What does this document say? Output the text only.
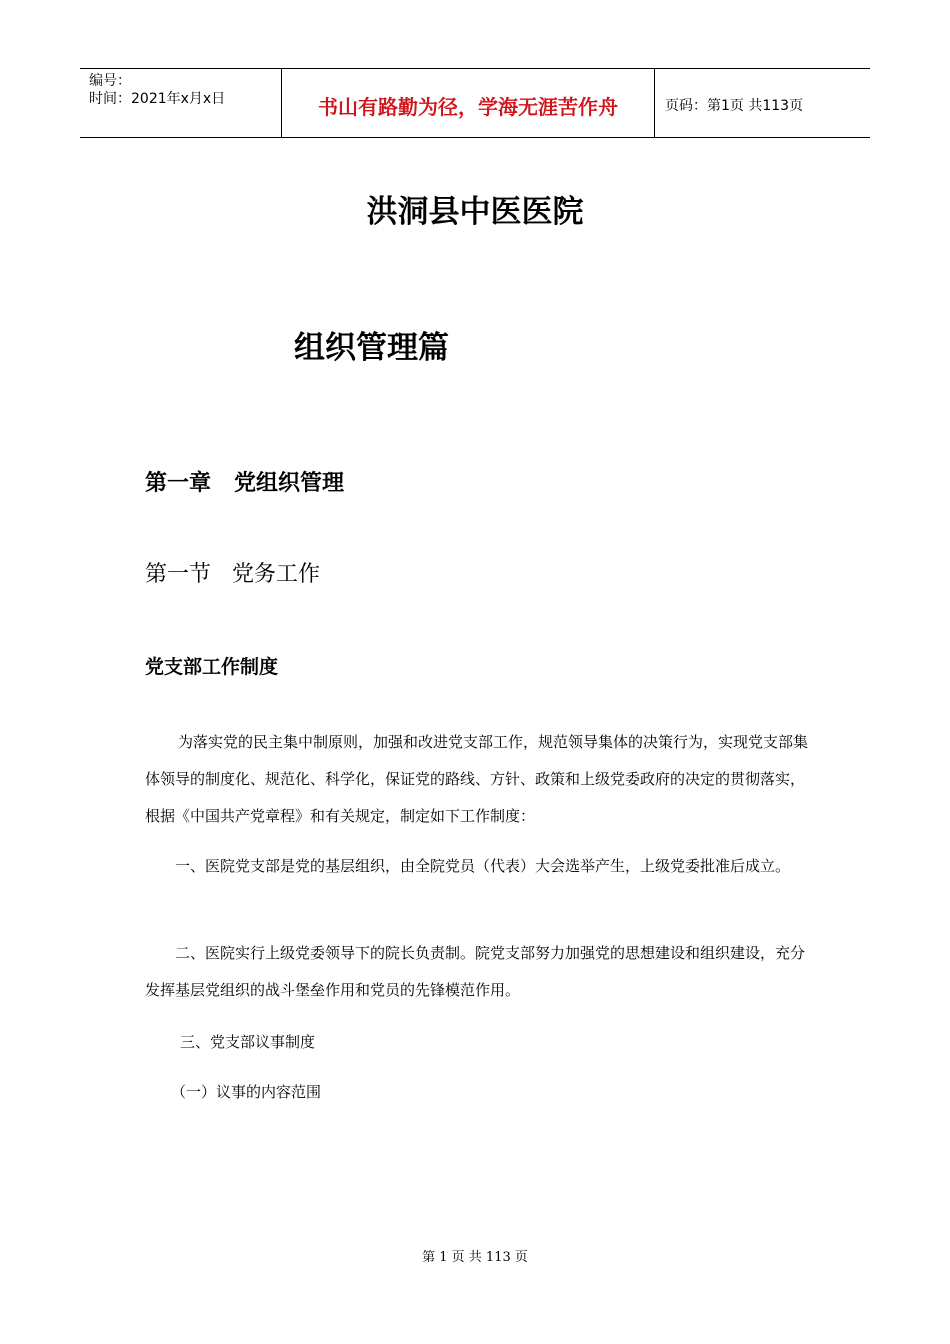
编号：
时间：2021年x月x日	书山有路勤为径，学海无涯苦作舟	页码：第1页 共113页
洪洞县中医医院
组织管理篇
第一章   党组织管理
第一节   党务工作
党支部工作制度

为落实党的民主集中制原则，加强和改进党支部工作，规范领导集体的决策行为，实现党支部集体领导的制度化、规范化、科学化，保证党的路线、方针、政策和上级党委政府的决定的贯彻落实，根据《中国共产党章程》和有关规定，制定如下工作制度：

一、医院党支部是党的基层组织，由全院党员（代表）大会选举产生，上级党委批准后成立。

二、医院实行上级党委领导下的院长负责制。院党支部努力加强党的思想建设和组织建设，充分发挥基层党组织的战斗堡垒作用和党员的先锋模范作用。

三、党支部议事制度

（一）议事的内容范围

第 1 页 共 113 页
